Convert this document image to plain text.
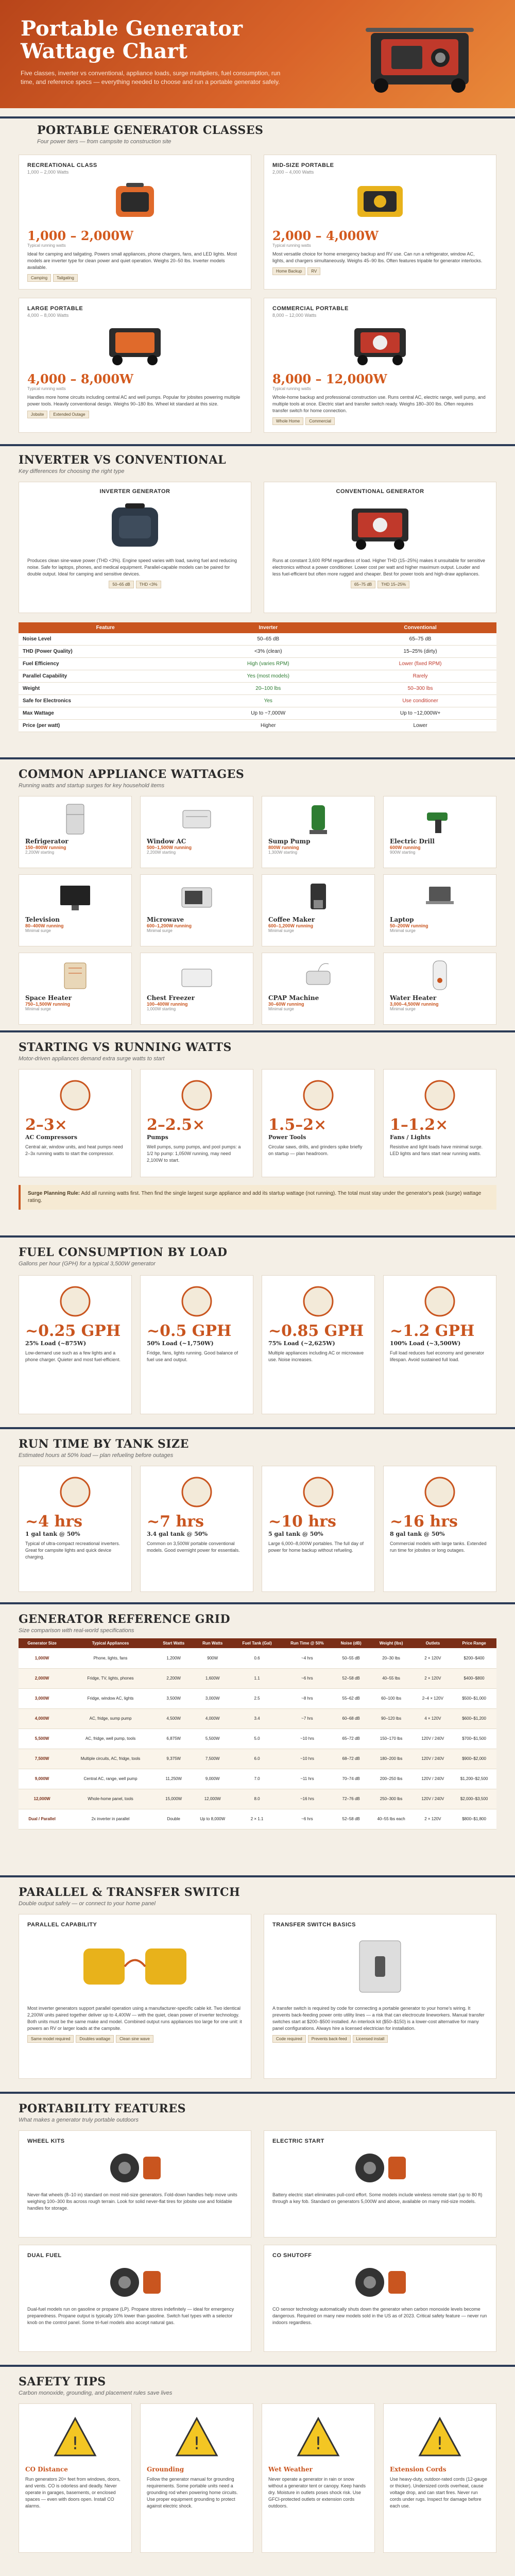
Portable Generator Wattage Chart

Five classes, inverter vs conventional, appliance loads, surge multipliers, fuel consumption, run time, and reference specs — everything needed to choose and run a portable generator safely.

PORTABLE GENERATOR CLASSES
Four power tiers — from campsite to construction site
RECREATIONAL CLASS
1,000 – 2,000 Watts
1,000 – 2,000W
Typical running watts
Ideal for camping and tailgating. Powers small appliances, phone chargers, fans, and LED lights. Most models are inverter type for clean power and quiet operation. Weighs 20–50 lbs. Inverter models available.
Camping	Tailgating
MID-SIZE PORTABLE
2,000 – 4,000 Watts
2,000 – 4,000W
Typical running watts
Most versatile choice for home emergency backup and RV use. Can run a refrigerator, window AC, lights, and chargers simultaneously. Weighs 45–90 lbs. Often features tripable for generator interlocks.
Home Backup	RV
LARGE PORTABLE
4,000 – 8,000 Watts
4,000 – 8,000W
Typical running watts
Handles more home circuits including central AC and well pumps. Popular for jobsites powering multiple power tools. Heavily conventional design. Weighs 90–180 lbs. Wheel kit standard at this size.
Jobsite	Extended Outage
COMMERCIAL PORTABLE
8,000 – 12,000 Watts
8,000 – 12,000W
Typical running watts
Whole-home backup and professional construction use. Runs central AC, electric range, well pump, and multiple tools at once. Electric start and transfer switch ready. Weighs 180–300 lbs. Often requires transfer switch for home connection.
Whole Home	Commercial
INVERTER VS CONVENTIONAL
Key differences for choosing the right type
INVERTER GENERATOR
Produces clean sine-wave power (THD <3%). Engine speed varies with load, saving fuel and reducing noise. Safe for laptops, phones, and medical equipment. Parallel-capable models can be paired for double output. Ideal for camping and sensitive devices.
50–65 dB	THD <3%
CONVENTIONAL GENERATOR
Runs at constant 3,600 RPM regardless of load. Higher THD (15–25%) makes it unsuitable for sensitive electronics without a power conditioner. Lower cost per watt and higher maximum output. Louder and less fuel-efficient but often more rugged and cheaper. Best for power tools and high-draw appliances.
65–75 dB	THD 15–25%
Feature	Inverter	Conventional
Noise Level	50–65 dB	65–75 dB
THD (Power Quality)	<3% (clean)	15–25% (dirty)
Fuel Efficiency	High (varies RPM)	Lower (fixed RPM)
Parallel Capability	Yes (most models)	Rarely
Weight	20–100 lbs	50–300 lbs
Safe for Electronics	Yes	Use conditioner
Max Wattage	Up to ~7,000W	Up to ~12,000W+
Price (per watt)	Higher	Lower
COMMON APPLIANCE WATTAGES
Running watts and startup surges for key household items
Refrigerator
150–800W running
2,200W starting
Window AC
500–1,500W running
2,200W starting
Sump Pump
800W running
1,300W starting
Electric Drill
600W running
900W starting
Television
80–400W running
Minimal surge
Microwave
600–1,200W running
Minimal surge
Coffee Maker
600–1,200W running
Minimal surge
Laptop
50–200W running
Minimal surge
Space Heater
750–1,500W running
Minimal surge
Chest Freezer
100–400W running
1,000W starting
CPAP Machine
30–60W running
Minimal surge
Water Heater
3,000–4,500W running
Minimal surge
STARTING VS RUNNING WATTS
Motor-driven appliances demand extra surge watts to start
2–3×
AC Compressors
Central air, window units, and heat pumps need 2–3x running watts to start the compressor.
2–2.5×
Pumps
Well pumps, sump pumps, and pool pumps: a 1/2 hp pump: 1,050W running, may need 2,100W to start.
1.5–2×
Power Tools
Circular saws, drills, and grinders spike briefly on startup — plan headroom.
1–1.2×
Fans / Lights
Resistive and light loads have minimal surge. LED lights and fans start near running watts.
Surge Planning Rule: Add all running watts first. Then find the single largest surge appliance and add its startup wattage (not running). The total must stay under the generator's peak (surge) wattage rating.
FUEL CONSUMPTION BY LOAD
Gallons per hour (GPH) for a typical 3,500W generator
~0.25 GPH
25% Load (~875W)
Low-demand use such as a few lights and a phone charger. Quieter and most fuel-efficient.
~0.5 GPH
50% Load (~1,750W)
Fridge, fans, lights running. Good balance of fuel use and output.
~0.85 GPH
75% Load (~2,625W)
Multiple appliances including AC or microwave use. Noise increases.
~1.2 GPH
100% Load (~3,500W)
Full load reduces fuel economy and generator lifespan. Avoid sustained full load.
RUN TIME BY TANK SIZE
Estimated hours at 50% load — plan refueling before outages
~4 hrs
1 gal tank @ 50%
Typical of ultra-compact recreational inverters. Great for campsite lights and quick device charging.
~7 hrs
3.4 gal tank @ 50%
Common on 3,500W portable conventional models. Good overnight power for essentials.
~10 hrs
5 gal tank @ 50%
Large 6,000–8,000W portables. The full day of power for home backup without refueling.
~16 hrs
8 gal tank @ 50%
Commercial models with large tanks. Extended run time for jobsites or long outages.
GENERATOR REFERENCE GRID
Size comparison with real-world specifications
Generator Size	Typical Appliances	Start Watts	Run Watts	Fuel Tank (Gal)	Run Time @ 50%	Noise (dB)	Weight (lbs)	Outlets	Price Range
1,000W	Phone, lights, fans	1,200W	900W	0.6	~4 hrs	50–55 dB	20–30 lbs	2 × 120V	$200–$400
2,000W	Fridge, TV, lights, phones	2,200W	1,600W	1.1	~6 hrs	52–58 dB	40–55 lbs	2 × 120V	$400–$800
3,000W	Fridge, window AC, lights	3,500W	3,000W	2.5	~8 hrs	55–62 dB	60–100 lbs	2–4 × 120V	$500–$1,000
4,000W	AC, fridge, sump pump	4,500W	4,000W	3.4	~7 hrs	60–68 dB	90–120 lbs	4 × 120V	$600–$1,200
5,500W	AC, fridge, well pump, tools	6,875W	5,500W	5.0	~10 hrs	65–72 dB	150–170 lbs	120V / 240V	$700–$1,500
7,500W	Multiple circuits, AC, fridge, tools	9,375W	7,500W	6.0	~10 hrs	68–72 dB	180–200 lbs	120V / 240V	$900–$2,000
9,000W	Central AC, range, well pump	11,250W	9,000W	7.0	~11 hrs	70–74 dB	200–250 lbs	120V / 240V	$1,200–$2,500
12,000W	Whole-home panel, tools	15,000W	12,000W	8.0	~16 hrs	72–76 dB	250–300 lbs	120V / 240V	$2,000–$3,500
Dual / Parallel	2x inverter in parallel	Double	Up to 8,000W	2 × 1.1	~6 hrs	52–58 dB	40–55 lbs each	2 × 120V	$800–$1,800
PARALLEL & TRANSFER SWITCH
Double output safely — or connect to your home panel
PARALLEL CAPABILITY
Most inverter generators support parallel operation using a manufacturer-specific cable kit. Two identical 2,200W units paired together deliver up to 4,400W — with the quiet, clean power of inverter technology. Both units must be the same make and model. Combined output runs appliances too large for one unit: it powers an RV or larger loads at the campsite.
Same model required	Doubles wattage	Clean sine wave
TRANSFER SWITCH BASICS
A transfer switch is required by code for connecting a portable generator to your home's wiring. It prevents back-feeding power onto utility lines — a risk that can electrocute lineworkers. Manual transfer switches start at $200–$500 installed. An interlock kit ($50–$150) is a lower-cost alternative for many panel configurations. Always hire a licensed electrician for installation.
Code required	Prevents back-feed	Licensed install
PORTABILITY FEATURES
What makes a generator truly portable outdoors
WHEEL KITS
Never-flat wheels (8–10 in) standard on most mid-size generators. Fold-down handles help move units weighing 100–300 lbs across rough terrain. Look for solid never-flat tires for jobsite use and foldable handles for storage.
ELECTRIC START
Battery electric start eliminates pull-cord effort. Some models include wireless remote start (up to 80 ft) through a key fob. Standard on generators 5,000W and above, available on many mid-size models.
DUAL FUEL
Dual-fuel models run on gasoline or propane (LP). Propane stores indefinitely — ideal for emergency preparedness. Propane output is typically 10% lower than gasoline. Switch fuel types with a selector knob on the control panel. Some tri-fuel models also accept natural gas.
CO SHUTOFF
CO sensor technology automatically shuts down the generator when carbon monoxide levels become dangerous. Required on many new models sold in the US as of 2023. Critical safety feature — never run indoors regardless.
SAFETY TIPS
Carbon monoxide, grounding, and placement rules save lives
!
CO Distance
Run generators 20+ feet from windows, doors, and vents. CO is odorless and deadly. Never operate in garages, basements, or enclosed spaces — even with doors open. Install CO alarms.
!
Grounding
Follow the generator manual for grounding requirements. Some portable units need a grounding rod when powering home circuits. Use proper equipment grounding to protect against electric shock.
!
Wet Weather
Never operate a generator in rain or snow without a generator tent or canopy. Keep hands dry. Moisture in outlets poses shock risk. Use GFCI-protected outlets or extension cords outdoors.
!
Extension Cords
Use heavy-duty, outdoor-rated cords (12-gauge or thicker). Undersized cords overheat, cause voltage drop, and can start fires. Never run cords under rugs. Inspect for damage before each use.
